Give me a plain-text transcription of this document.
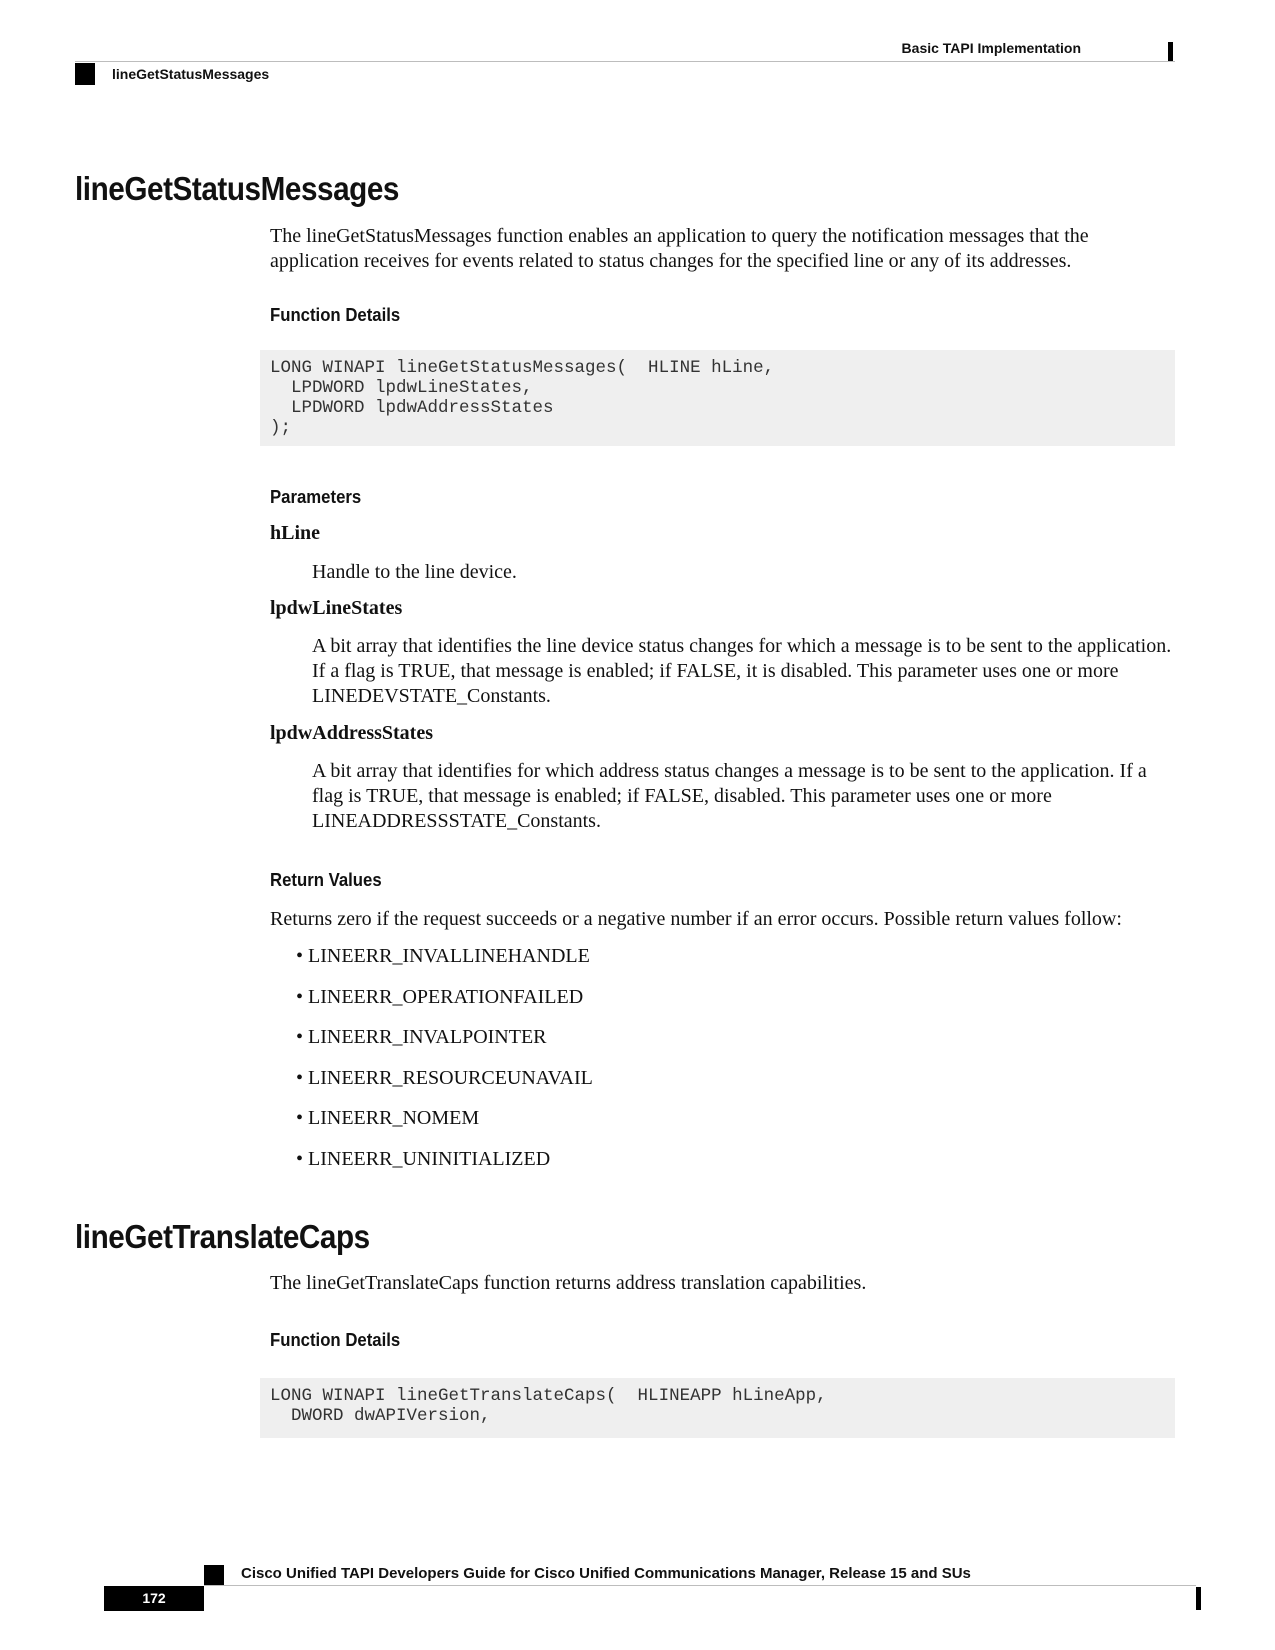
Basic TAPI Implementation
lineGetStatusMessages
lineGetStatusMessages
The lineGetStatusMessages function enables an application to query the notification messages that the application receives for events related to status changes for the specified line or any of its addresses.
Function Details
LONG WINAPI lineGetStatusMessages(  HLINE hLine,
LPDWORD lpdwLineStates,
LPDWORD lpdwAddressStates
);
Parameters
hLine
Handle to the line device.
lpdwLineStates
A bit array that identifies the line device status changes for which a message is to be sent to the application. If a flag is TRUE, that message is enabled; if FALSE, it is disabled. This parameter uses one or more LINEDEVSTATE_Constants.
lpdwAddressStates
A bit array that identifies for which address status changes a message is to be sent to the application. If a flag is TRUE, that message is enabled; if FALSE, disabled. This parameter uses one or more LINEADDRESSSTATE_Constants.
Return Values
Returns zero if the request succeeds or a negative number if an error occurs. Possible return values follow:
• LINEERR_INVALLINEHANDLE
• LINEERR_OPERATIONFAILED
• LINEERR_INVALPOINTER
• LINEERR_RESOURCEUNAVAIL
• LINEERR_NOMEM
• LINEERR_UNINITIALIZED
lineGetTranslateCaps
The lineGetTranslateCaps function returns address translation capabilities.
Function Details
LONG WINAPI lineGetTranslateCaps(  HLINEAPP hLineApp,
DWORD dwAPIVersion,
Cisco Unified TAPI Developers Guide for Cisco Unified Communications Manager, Release 15 and SUs
172
